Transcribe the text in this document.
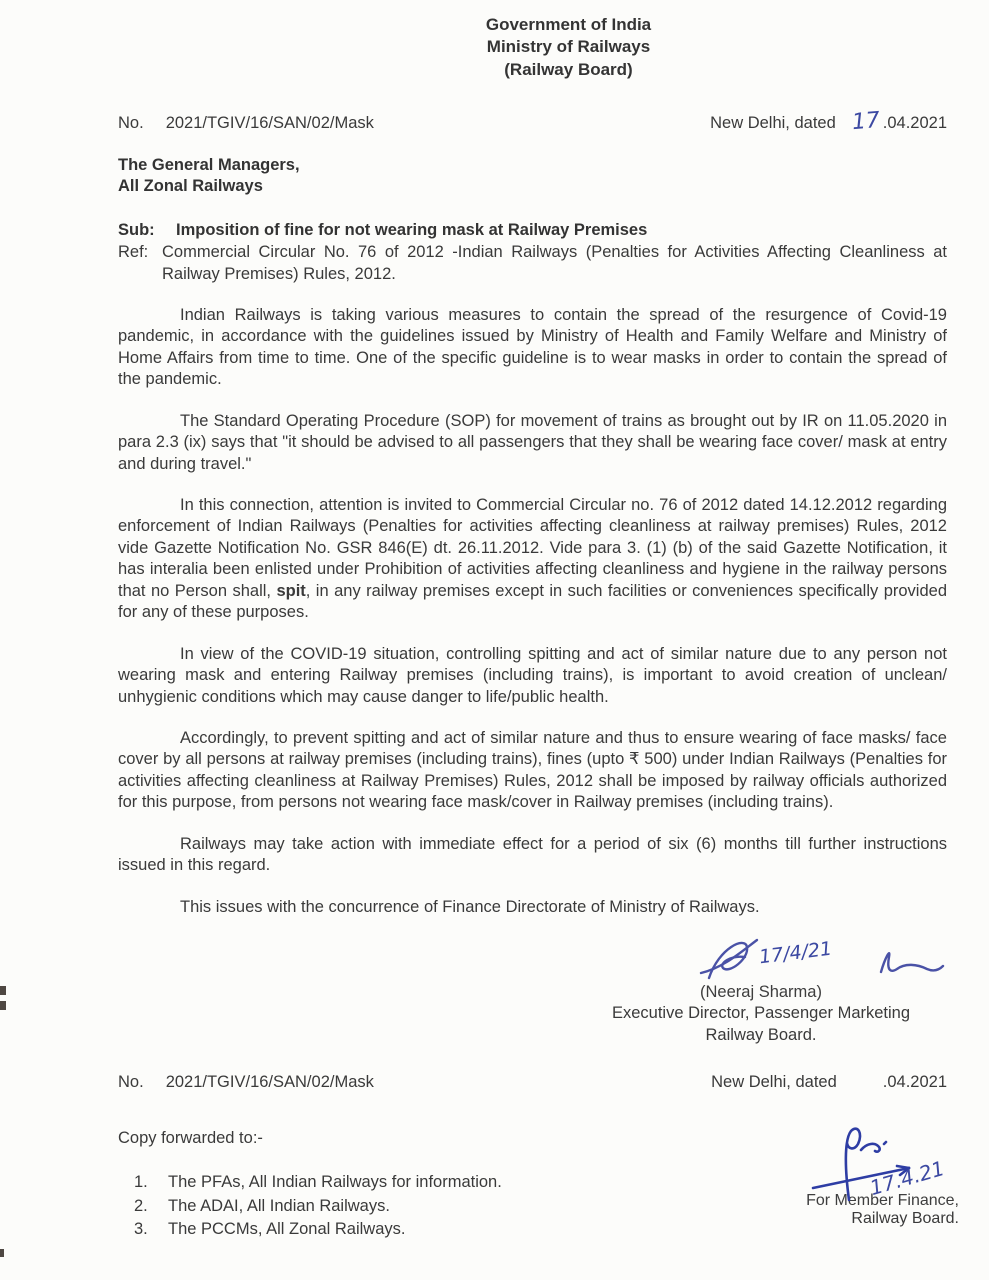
Government of India
Ministry of Railways
(Railway Board)
No. 2021/TGIV/16/SAN/02/Mask	New Delhi, dated 17 .04.2021
The General Managers,
All Zonal Railways
Sub:	Imposition of fine for not wearing mask at Railway Premises
Ref: Commercial Circular No. 76 of 2012 -Indian Railways (Penalties for Activities Affecting Cleanliness at Railway Premises) Rules, 2012.

Indian Railways is taking various measures to contain the spread of the resurgence of Covid-19 pandemic, in accordance with the guidelines issued by Ministry of Health and Family Welfare and Ministry of Home Affairs from time to time. One of the specific guideline is to wear masks in order to contain the spread of the pandemic.

The Standard Operating Procedure (SOP) for movement of trains as brought out by IR on 11.05.2020 in para 2.3 (ix) says that "it should be advised to all passengers that they shall be wearing face cover/ mask at entry and during travel."

In this connection, attention is invited to Commercial Circular no. 76 of 2012 dated 14.12.2012 regarding enforcement of Indian Railways (Penalties for activities affecting cleanliness at railway premises) Rules, 2012 vide Gazette Notification No. GSR 846(E) dt. 26.11.2012. Vide para 3. (1) (b) of the said Gazette Notification, it has interalia been enlisted under Prohibition of activities affecting cleanliness and hygiene in the railway persons that no Person shall, spit, in any railway premises except in such facilities or conveniences specifically provided for any of these purposes.

In view of the COVID-19 situation, controlling spitting and act of similar nature due to any person not wearing mask and entering Railway premises (including trains), is important to avoid creation of unclean/ unhygienic conditions which may cause danger to life/public health.

Accordingly, to prevent spitting and act of similar nature and thus to ensure wearing of face masks/ face cover by all persons at railway premises (including trains), fines (upto ₹ 500) under Indian Railways (Penalties for activities affecting cleanliness at Railway Premises) Rules, 2012 shall be imposed by railway officials authorized for this purpose, from persons not wearing face mask/cover in Railway premises (including trains).

Railways may take action with immediate effect for a period of six (6) months till further instructions issued in this regard.

This issues with the concurrence of Finance Directorate of Ministry of Railways.

17/4/21
(Neeraj Sharma)
Executive Director, Passenger Marketing
Railway Board.
No. 2021/TGIV/16/SAN/02/Mask	New Delhi, dated	.04.2021
Copy forwarded to:-
1.	The PFAs, All Indian Railways for information.
2.	The ADAI, All Indian Railways.
3.	The PCCMs, All Zonal Railways.
17.4.21
For Member Finance,
Railway Board.
